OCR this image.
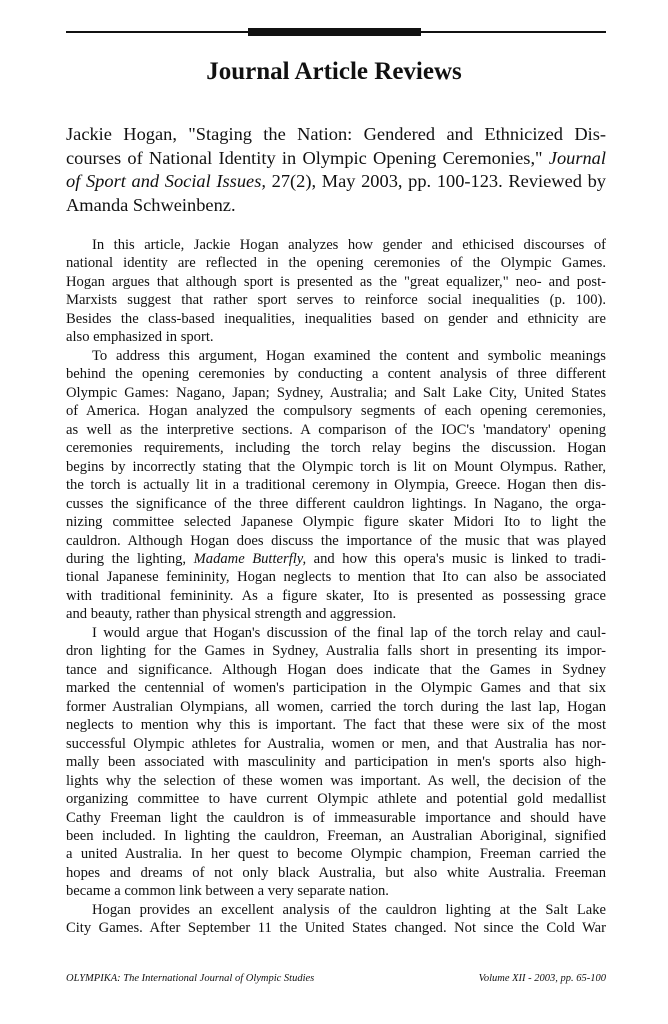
Journal Article Reviews

Jackie Hogan, "Staging the Nation: Gendered and Ethnicized Dis-courses of National Identity in Olympic Opening Ceremonies," Journal of Sport and Social Issues, 27(2), May 2003, pp. 100-123. Reviewed by Amanda Schweinbenz.

In this article, Jackie Hogan analyzes how gender and ethicised discourses of
national identity are reflected in the opening ceremonies of the Olympic Games.
Hogan argues that although sport is presented as the "great equalizer," neo- and post-
Marxists suggest that rather sport serves to reinforce social inequalities (p. 100).
Besides the class-based inequalities, inequalities based on gender and ethnicity are
also emphasized in sport.

To address this argument, Hogan examined the content and symbolic meanings
behind the opening ceremonies by conducting a content analysis of three different
Olympic Games: Nagano, Japan; Sydney, Australia; and Salt Lake City, United States
of America. Hogan analyzed the compulsory segments of each opening ceremonies,
as well as the interpretive sections. A comparison of the IOC's 'mandatory' opening
ceremonies requirements, including the torch relay begins the discussion. Hogan
begins by incorrectly stating that the Olympic torch is lit on Mount Olympus. Rather,
the torch is actually lit in a traditional ceremony in Olympia, Greece. Hogan then dis-
cusses the significance of the three different cauldron lightings. In Nagano, the orga-
nizing committee selected Japanese Olympic figure skater Midori Ito to light the
cauldron. Although Hogan does discuss the importance of the music that was played
during the lighting, Madame Butterfly, and how this opera's music is linked to tradi-
tional Japanese femininity, Hogan neglects to mention that Ito can also be associated
with traditional femininity. As a figure skater, Ito is presented as possessing grace
and beauty, rather than physical strength and aggression.

I would argue that Hogan's discussion of the final lap of the torch relay and caul-
dron lighting for the Games in Sydney, Australia falls short in presenting its impor-
tance and significance. Although Hogan does indicate that the Games in Sydney
marked the centennial of women's participation in the Olympic Games and that six
former Australian Olympians, all women, carried the torch during the last lap, Hogan
neglects to mention why this is important. The fact that these were six of the most
successful Olympic athletes for Australia, women or men, and that Australia has nor-
mally been associated with masculinity and participation in men's sports also high-
lights why the selection of these women was important. As well, the decision of the
organizing committee to have current Olympic athlete and potential gold medallist
Cathy Freeman light the cauldron is of immeasurable importance and should have
been included. In lighting the cauldron, Freeman, an Australian Aboriginal, signified
a united Australia. In her quest to become Olympic champion, Freeman carried the
hopes and dreams of not only black Australia, but also white Australia. Freeman
became a common link between a very separate nation.

Hogan provides an excellent analysis of the cauldron lighting at the Salt Lake
City Games. After September 11 the United States changed. Not since the Cold War

OLYMPIKA: The International Journal of Olympic Studies	Volume XII - 2003, pp. 65-100
